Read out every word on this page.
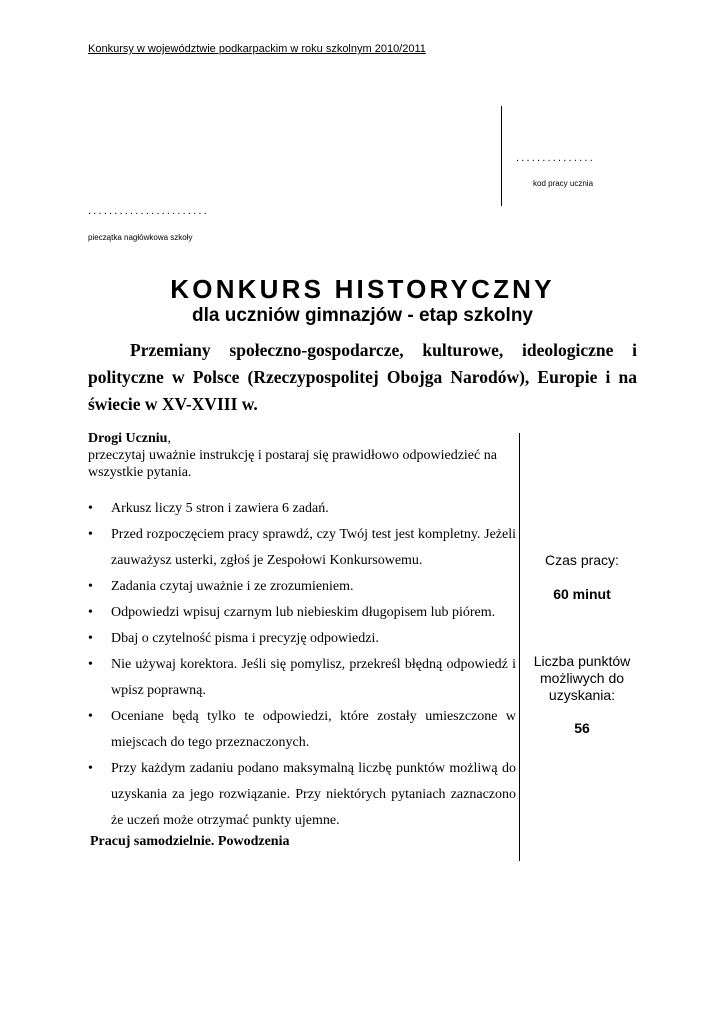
Konkursy w województwie podkarpackim w roku szkolnym 2010/2011
...............
kod pracy ucznia
.......................
pieczątka nagłówkowa szkoły
KONKURS HISTORYCZNY
dla uczniów gimnazjów - etap szkolny
Przemiany społeczno-gospodarcze, kulturowe, ideologiczne i polityczne w Polsce (Rzeczypospolitej Obojga Narodów), Europie i na świecie w XV-XVIII w.
Drogi Uczniu,
przeczytaj uważnie instrukcję i postaraj się prawidłowo odpowiedzieć na wszystkie pytania.
• Arkusz liczy 5 stron i zawiera 6 zadań.
• Przed rozpoczęciem pracy sprawdź, czy Twój test jest kompletny. Jeżeli zauważysz usterki, zgłoś je Zespołowi Konkursowemu.
• Zadania czytaj uważnie i ze zrozumieniem.
• Odpowiedzi wpisuj czarnym lub niebieskim długopisem lub piórem.
• Dbaj o czytelność pisma i precyzję odpowiedzi.
• Nie używaj korektora. Jeśli się pomylisz, przekreśl błędną odpowiedź i wpisz poprawną.
• Oceniane będą tylko te odpowiedzi, które zostały umieszczone w miejscach do tego przeznaczonych.
• Przy każdym zadaniu podano maksymalną liczbę punktów możliwą do uzyskania za jego rozwiązanie. Przy niektórych pytaniach zaznaczono że uczeń może otrzymać punkty ujemne.
Pracuj samodzielnie. Powodzenia
Czas pracy:
60 minut
Liczba punktów możliwych do uzyskania:
56
